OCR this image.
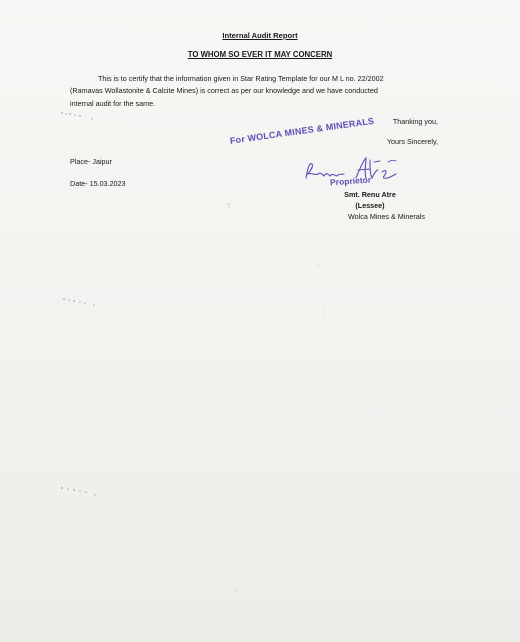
Internal Audit Report
TO WHOM SO EVER IT MAY CONCERN

This is to certify that the information given in Star Rating Template for our M L no. 22/2002

(Ramavas Wollastonite & Calcite Mines) is correct as per our knowledge and we have conducted

internal audit for the same.

Thanking you,
Yours Sincerely,
Place- Jaipur
Date- 15.03.2023
For WOLCA MINES & MINERALS
Proprietor
Smt. Renu Atre
(Lessee)
Wolca Mines & Minerals
